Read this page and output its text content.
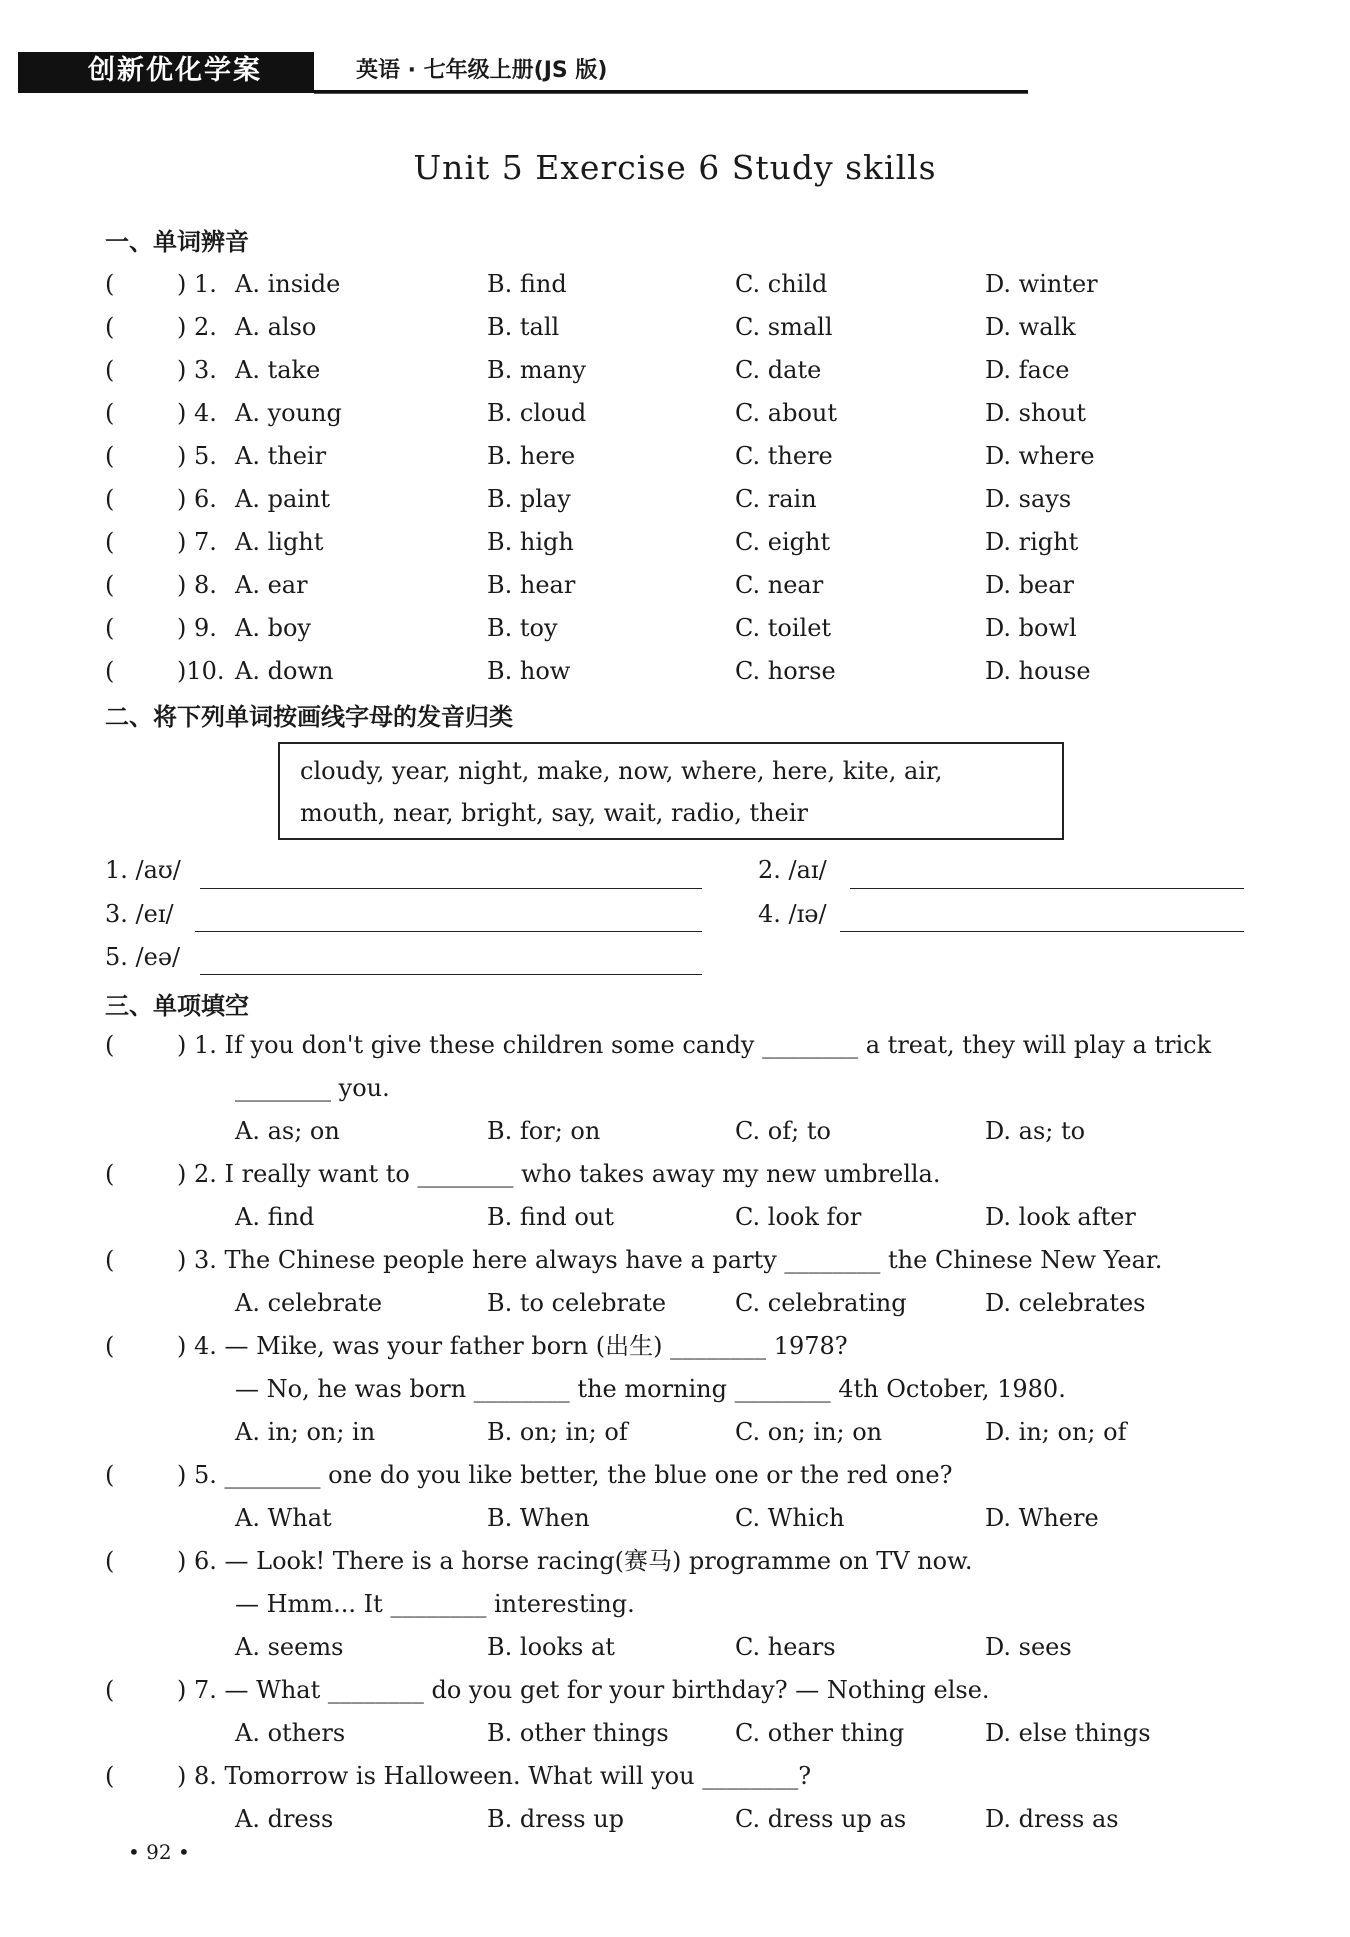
创新优化学案	英语 · 七年级上册(JS 版)
Unit 5 Exercise 6 Study skills
一、单词辨音
(	) 1. A. inside	B. find	C. child	D. winter
(	) 2. A. also	B. tall	C. small	D. walk
(	) 3. A. take	B. many	C. date	D. face
(	) 4. A. young	B. cloud	C. about	D. shout
(	) 5. A. their	B. here	C. there	D. where
(	) 6. A. paint	B. play	C. rain	D. says
(	) 7. A. light	B. high	C. eight	D. right
(	) 8. A. ear	B. hear	C. near	D. bear
(	) 9. A. boy	B. toy	C. toilet	D. bowl
(	)10. A. down	B. how	C. horse	D. house
二、将下列单词按画线字母的发音归类
cloudy, year, night, make, now, where, here, kite, air,
mouth, near, bright, say, wait, radio, their
1. /aʊ/	2. /aɪ/
3. /eɪ/	4. /ɪə/
5. /eə/
三、单项填空
(	) 1. If you don't give these children some candy ________ a treat, they will play a trick
________ you.
A. as; on	B. for; on	C. of; to	D. as; to
(	) 2. I really want to ________ who takes away my new umbrella.
A. find	B. find out	C. look for	D. look after
(	) 3. The Chinese people here always have a party ________ the Chinese New Year.
A. celebrate	B. to celebrate	C. celebrating	D. celebrates
(	) 4. — Mike, was your father born (出生) ________ 1978?
— No, he was born ________ the morning ________ 4th October, 1980.
A. in; on; in	B. on; in; of	C. on; in; on	D. in; on; of
(	) 5. ________ one do you like better, the blue one or the red one?
A. What	B. When	C. Which	D. Where
(	) 6. — Look! There is a horse racing(赛马) programme on TV now.
— Hmm... It ________ interesting.
A. seems	B. looks at	C. hears	D. sees
(	) 7. — What ________ do you get for your birthday? — Nothing else.
A. others	B. other things	C. other thing	D. else things
(	) 8. Tomorrow is Halloween. What will you ________?
A. dress	B. dress up	C. dress up as	D. dress as
• 92 •
